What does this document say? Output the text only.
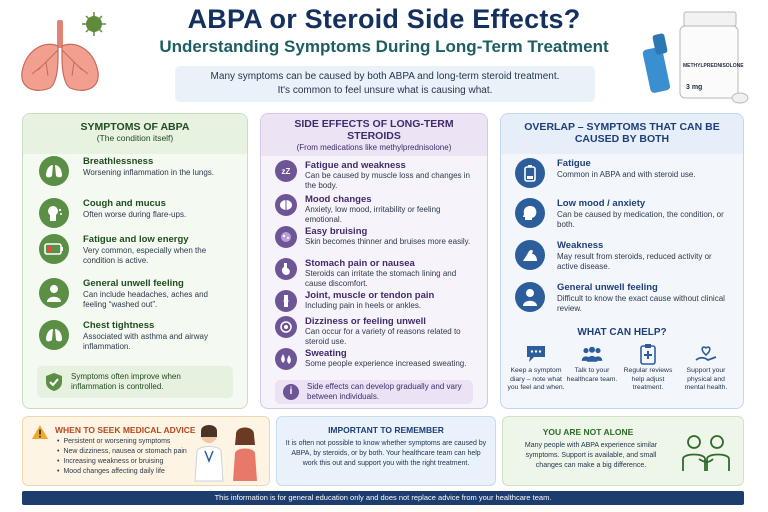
ABPA or Steroid Side Effects?
Understanding Symptoms During Long-Term Treatment
Many symptoms can be caused by both ABPA and long-term steroid treatment.
It's common to feel unsure what is causing what.
METHYLPREDNISOLONE
3 mg
SYMPTOMS OF ABPA
(The condition itself)
Breathlessness
Worsening inflammation in the lungs.
Cough and mucus
Often worse during flare-ups.
Fatigue and low energy
Very common, especially when the condition is active.
General unwell feeling
Can include headaches, aches and feeling “washed out”.
Chest tightness
Associated with asthma and airway inflammation.
Symptoms often improve when inflammation is controlled.
SIDE EFFECTS OF LONG-TERM
STEROIDS
(From medications like methylprednisolone)
zZ Fatigue and weakness
Can be caused by muscle loss and changes in the body.
Mood changes
Anxiety, low mood, irritability or feeling emotional.
Easy bruising
Skin becomes thinner and bruises more easily.
Stomach pain or nausea
Steroids can irritate the stomach lining and cause discomfort.
Joint, muscle or tendon pain
Including pain in heels or ankles.
Dizziness or feeling unwell
Can occur for a variety of reasons related to steroid use.
Sweating
Some people experience increased sweating.
i	Side effects can develop gradually and vary between individuals.
OVERLAP – SYMPTOMS THAT CAN BE
CAUSED BY BOTH
Fatigue
Common in ABPA and with steroid use.
Low mood / anxiety
Can be caused by medication, the condition, or both.
Weakness
May result from steroids, reduced activity or active disease.
General unwell feeling
Difficult to know the exact cause without clinical review.
WHAT CAN HELP?
Keep a symptom diary – note what you feel and when.
Talk to your healthcare team.
Regular reviews help adjust treatment.
Support your physical and mental health.
WHEN TO SEEK MEDICAL ADVICE
• Persistent or worsening symptoms
• New dizziness, nausea or stomach pain
• Increasing weakness or bruising
• Mood changes affecting daily life
IMPORTANT TO REMEMBER
It is often not possible to know whether symptoms are caused by
ABPA, by steroids, or by both. Your healthcare team can help
work this out and support you with the right treatment.
YOU ARE NOT ALONE
Many people with ABPA experience similar
symptoms. Support is available, and small
changes can make a big difference.
This information is for general education only and does not replace advice from your healthcare team.
